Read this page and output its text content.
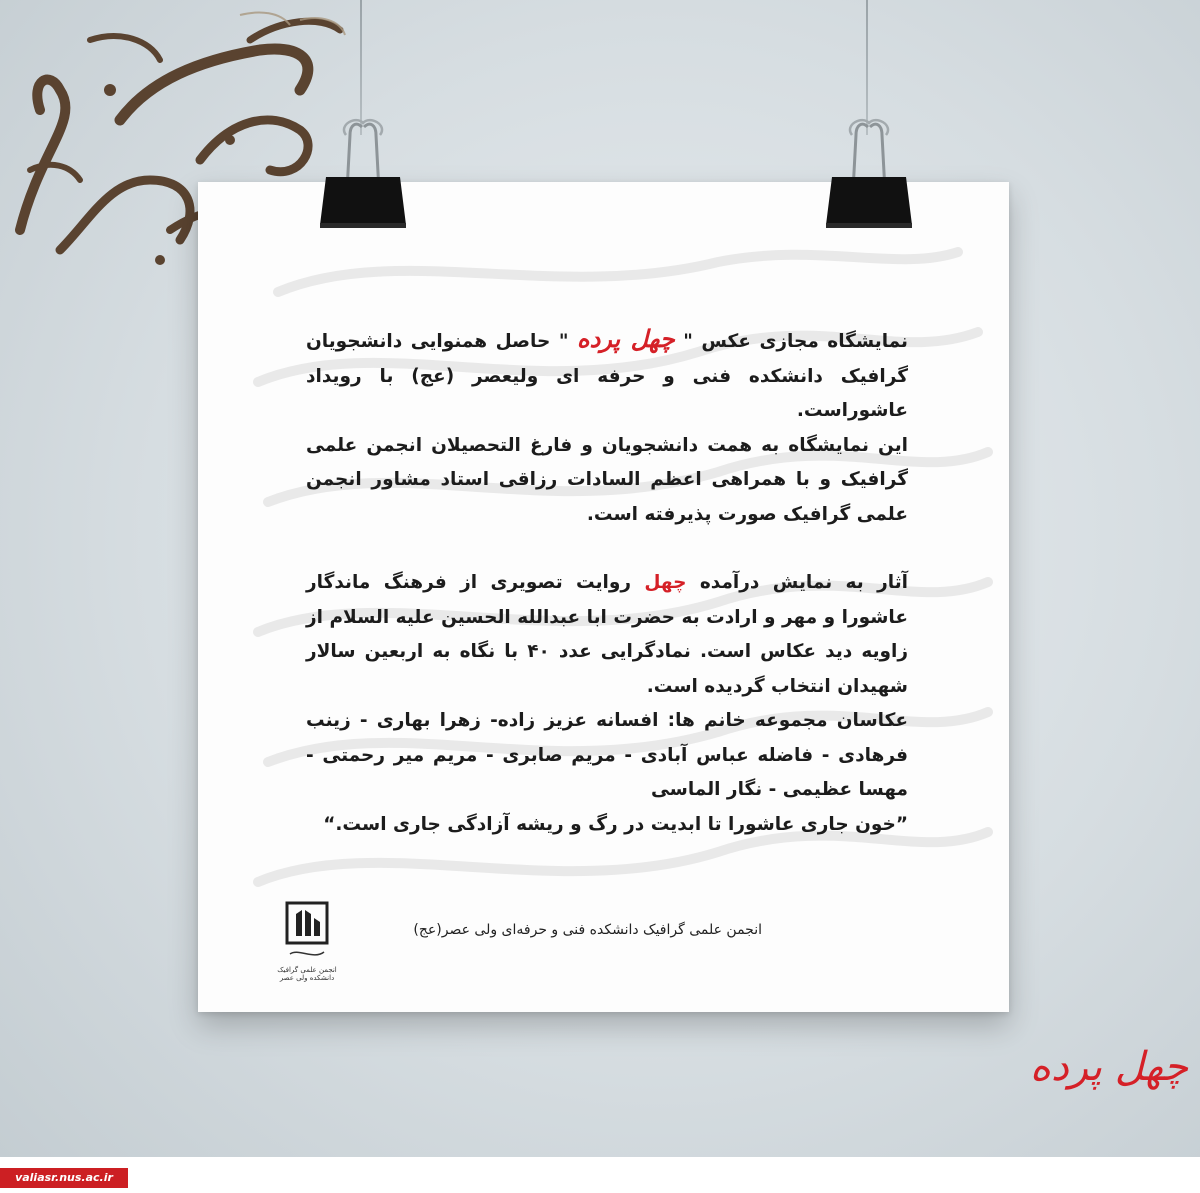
نمایشگاه مجازی عکس " چهل پرده " حاصل همنوایی دانشجویان گرافیک دانشکده فنی و حرفه ای ولیعصر (عج) با رویداد عاشوراست.

این نمایشگاه به همت دانشجویان و فارغ التحصیلان انجمن علمی گرافیک و با همراهی اعظم السادات رزاقی استاد مشاور انجمن علمی گرافیک صورت پذیرفته است.

آثار به نمایش درآمده چهل روایت تصویری از فرهنگ ماندگار عاشورا و مهر و ارادت به حضرت ابا عبدالله الحسین علیه السلام از زاویه دید عکاس است. نمادگرایی عدد ۴۰ با نگاه به اربعین سالار شهیدان انتخاب گردیده است.

عکاسان مجموعه خانم ها: افسانه عزیز زاده- زهرا بهاری - زینب فرهادی - فاضله عباس آبادی - مریم صابری - مریم میر رحمتی - مهسا عظیمی - نگار الماسی

”خون جاری عاشورا تا ابدیت در رگ و ریشه آزادگی جاری است.“

انجمن علمی گرافیک دانشکده ولی عصر
انجمن علمی گرافیک دانشکده فنی و حرفه‌ای ولی عصر(عج)
چهل پرده
valiasr.nus.ac.ir
